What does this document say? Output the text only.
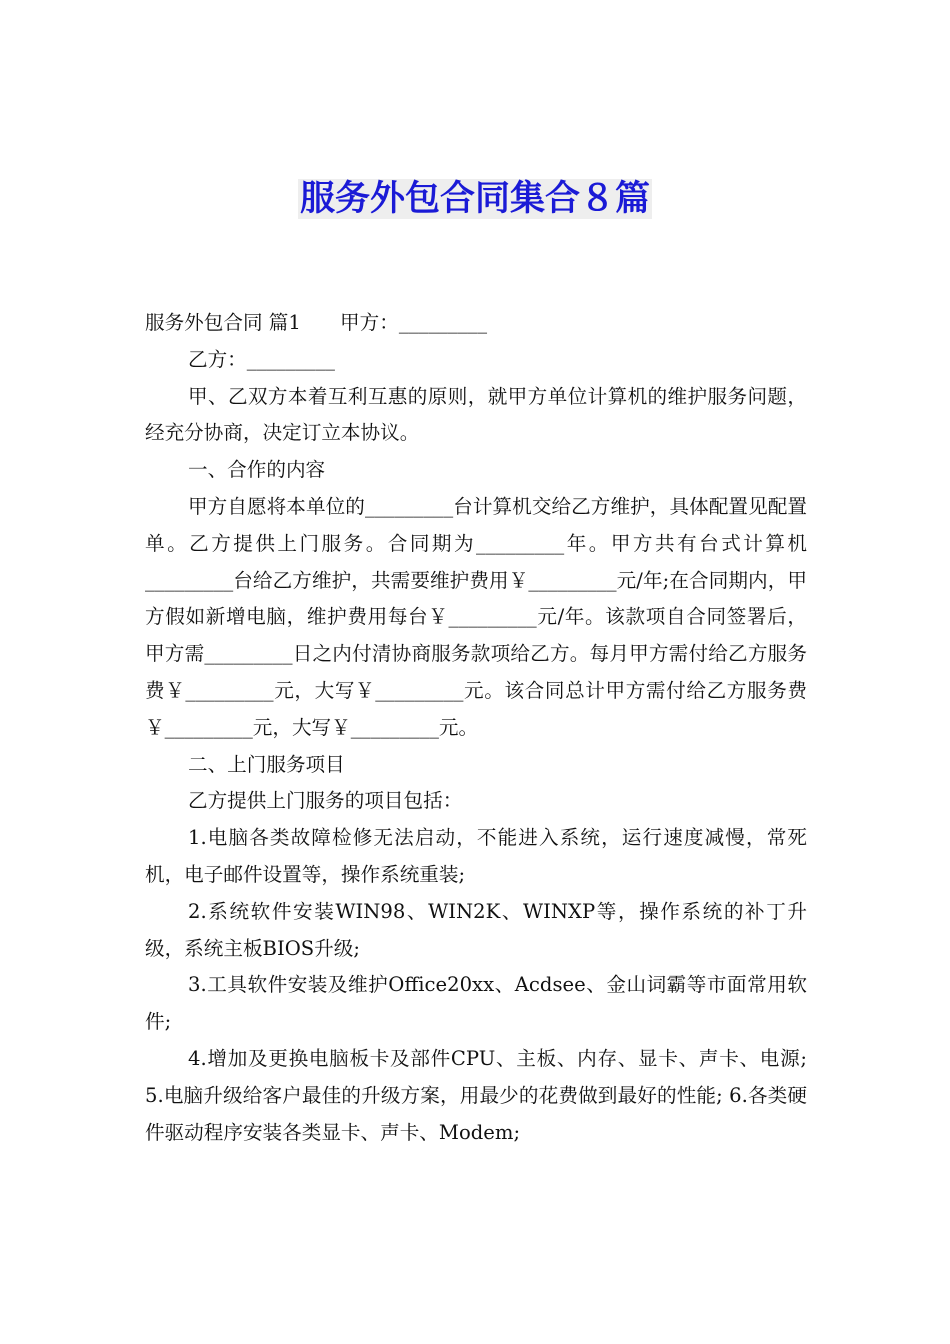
服务外包合同集合８篇

服务外包合同 篇1　　甲方：_________

乙方：_________

甲、乙双方本着互利互惠的原则，就甲方单位计算机的维护服务问题，经充分协商，决定订立本协议。

一、合作的内容

甲方自愿将本单位的_________台计算机交给乙方维护，具体配置见配置单。乙方提供上门服务。合同期为_________年。甲方共有台式计算机_________台给乙方维护，共需要维护费用￥_________元/年;在合同期内，甲方假如新增电脑，维护费用每台￥_________元/年。该款项自合同签署后，甲方需_________日之内付清协商服务款项给乙方。每月甲方需付给乙方服务费￥_________元，大写￥_________元。该合同总计甲方需付给乙方服务费￥_________元，大写￥_________元。

二、上门服务项目

乙方提供上门服务的项目包括：

1.电脑各类故障检修无法启动，不能进入系统，运行速度减慢，常死机，电子邮件设置等，操作系统重装;

2.系统软件安装WIN98、WIN2K、WINXP等，操作系统的补丁升级，系统主板BIOS升级;

3.工具软件安装及维护Office20xx、Acdsee、金山词霸等市面常用软件;

4.增加及更换电脑板卡及部件CPU、主板、内存、显卡、声卡、电源; 5.电脑升级给客户最佳的升级方案，用最少的花费做到最好的性能; 6.各类硬件驱动程序安装各类显卡、声卡、Modem;
